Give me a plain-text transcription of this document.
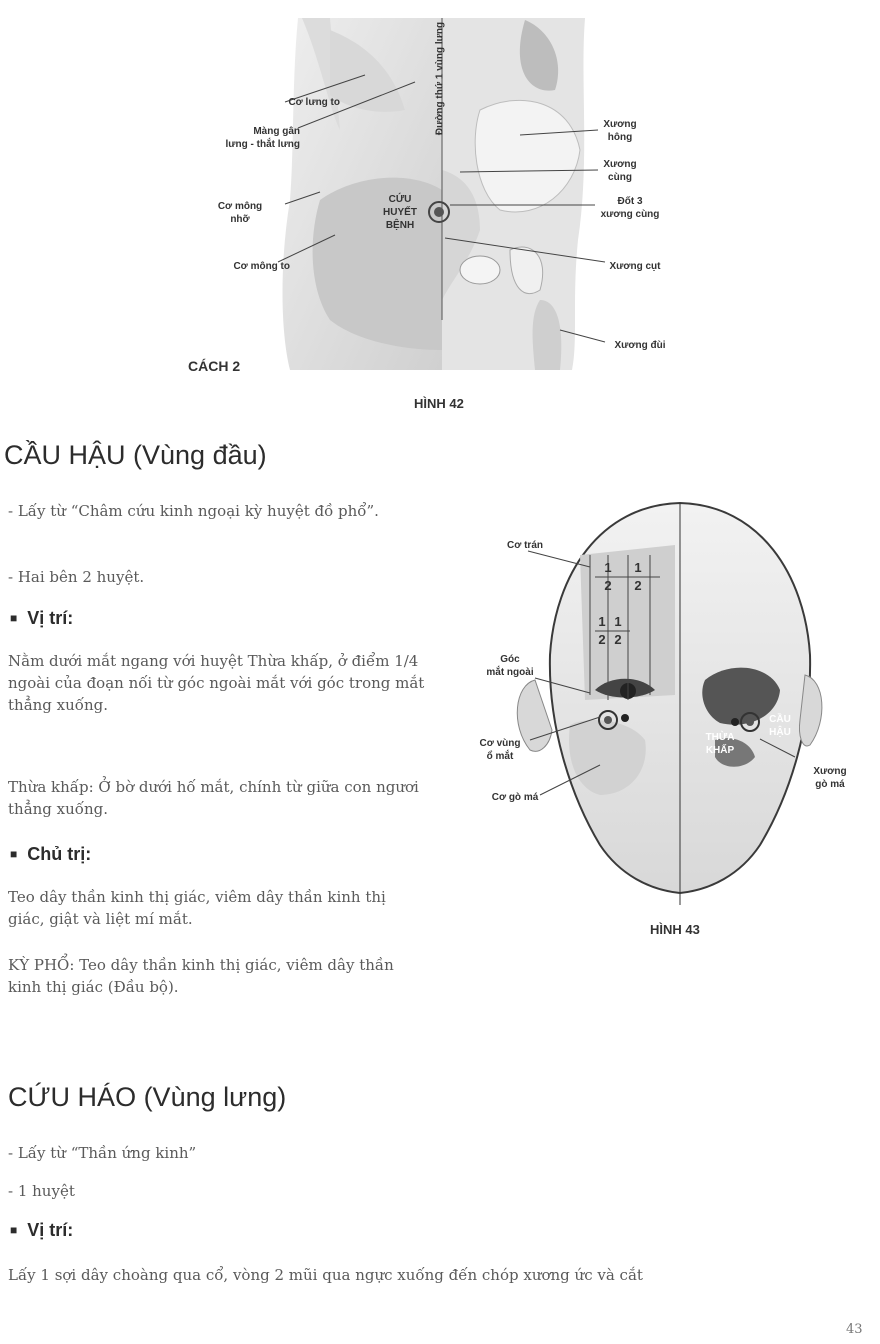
Cơ lưng to
Màng gân
lưng - thắt lưng
Cơ mông
nhỡ
Cơ mông to
Đường thứ 1 vùng lưng
CỨU
HUYẾT
BỆNH
Xương
hông
Xương
cùng
Đốt 3
xương cùng
Xương cụt
Xương đùi
CÁCH 2
HÌNH 42
CẦU HẬU (Vùng đầu)

- Lấy từ “Châm cứu kinh ngoại kỳ huyệt đồ phổ”.

- Hai bên 2 huyệt.

■ Vị trí:

Nằm dưới mắt ngang với huyệt Thừa khấp, ở điểm 1/4 ngoài của đoạn nối từ góc ngoài mắt với góc trong mắt thẳng xuống.

Thừa khấp: Ở bờ dưới hố mắt, chính từ giữa con ngươi thẳng xuống.

■ Chủ trị:

Teo dây thần kinh thị giác, viêm dây thần kinh thị giác, giật và liệt mí mắt.

KỲ PHỔ: Teo dây thần kinh thị giác, viêm dây thần kinh thị giác (Đầu bộ).

Cơ trán
Góc
mắt ngoài
Cơ vùng
ổ mắt
Cơ gò má
THỪA
KHẤP
CẦU
HẬU
Xương
gò má
1
2
1
2
1
2
1
2
HÌNH 43
CỨU HÁO (Vùng lưng)

- Lấy từ “Thần ứng kinh”

- 1 huyệt

■ Vị trí:

Lấy 1 sợi dây choàng qua cổ, vòng 2 mũi qua ngực xuống đến chóp xương ức và cắt

43
